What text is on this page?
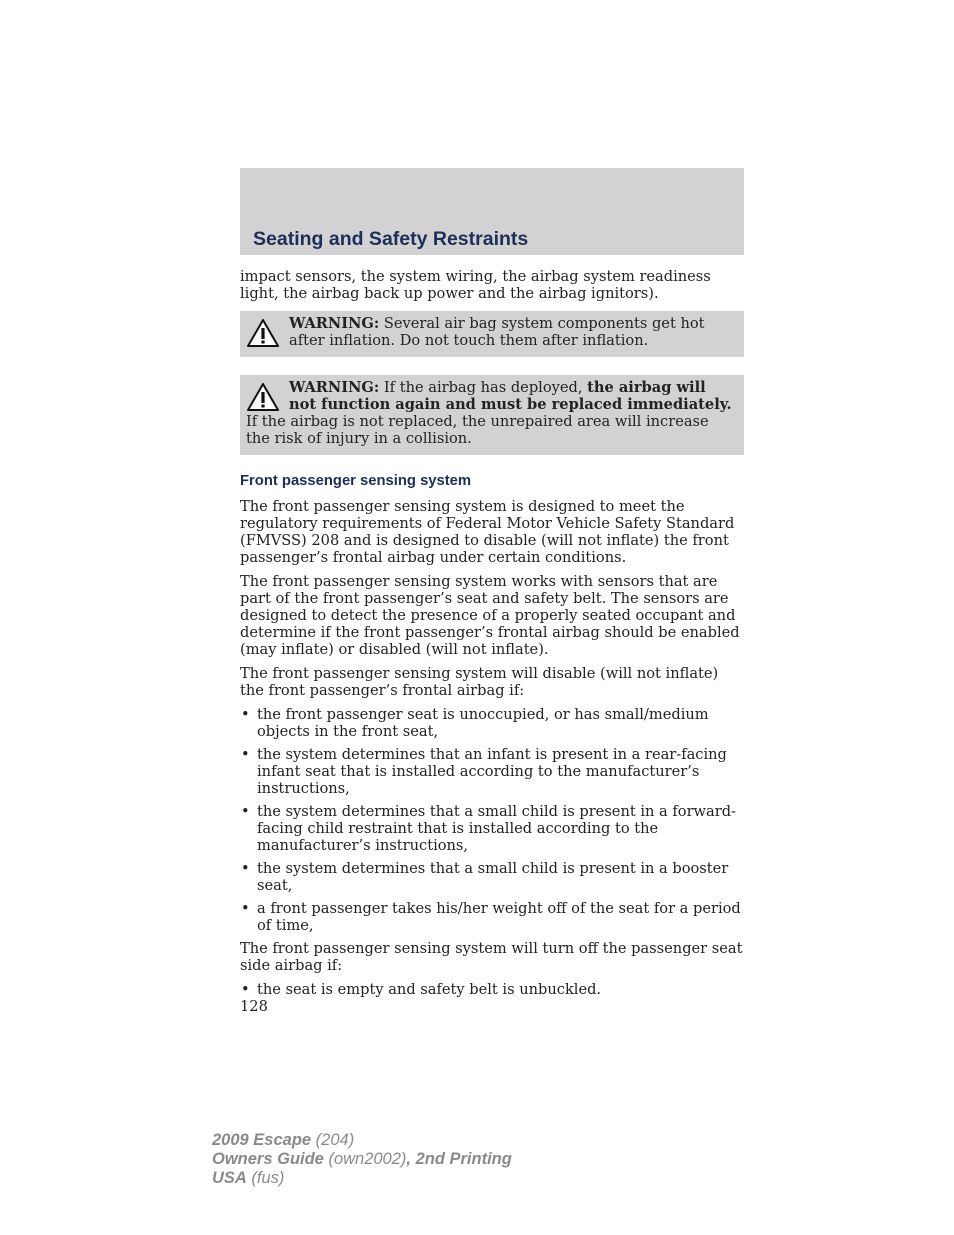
Seating and Safety Restraints

impact sensors, the system wiring, the airbag system readiness light, the airbag back up power and the airbag ignitors).

WARNING: Several air bag system components get hot after inflation. Do not touch them after inflation.
WARNING: If the airbag has deployed, the airbag will not function again and must be replaced immediately. If the airbag is not replaced, the unrepaired area will increase the risk of injury in a collision.
Front passenger sensing system

The front passenger sensing system is designed to meet the regulatory requirements of Federal Motor Vehicle Safety Standard (FMVSS) 208 and is designed to disable (will not inflate) the front passenger’s frontal airbag under certain conditions.

The front passenger sensing system works with sensors that are part of the front passenger’s seat and safety belt. The sensors are designed to detect the presence of a properly seated occupant and determine if the front passenger’s frontal airbag should be enabled (may inflate) or disabled (will not inflate).

The front passenger sensing system will disable (will not inflate) the front passenger’s frontal airbag if:

• the front passenger seat is unoccupied, or has small/medium objects in the front seat,
• the system determines that an infant is present in a rear-facing infant seat that is installed according to the manufacturer’s instructions,
• the system determines that a small child is present in a forward-facing child restraint that is installed according to the manufacturer’s instructions,
• the system determines that a small child is present in a booster seat,
• a front passenger takes his/her weight off of the seat for a period of time,

The front passenger sensing system will turn off the passenger seat side airbag if:

• the seat is empty and safety belt is unbuckled.
128
2009 Escape (204)
Owners Guide (own2002), 2nd Printing
USA (fus)
